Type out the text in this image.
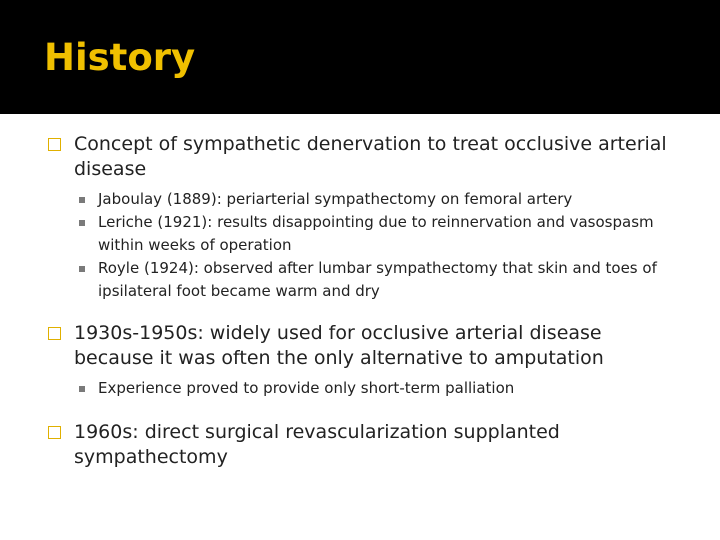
History
Concept of sympathetic denervation to treat occlusive arterial disease
Jaboulay (1889): periarterial sympathectomy on femoral artery
Leriche (1921): results disappointing due to reinnervation and vasospasm within weeks of operation
Royle (1924): observed after lumbar sympathectomy that skin and toes of ipsilateral foot became warm and dry
1930s-1950s: widely used for occlusive arterial disease because it was often the only alternative to amputation
Experience proved to provide only short-term palliation
1960s: direct surgical revascularization supplanted sympathectomy
